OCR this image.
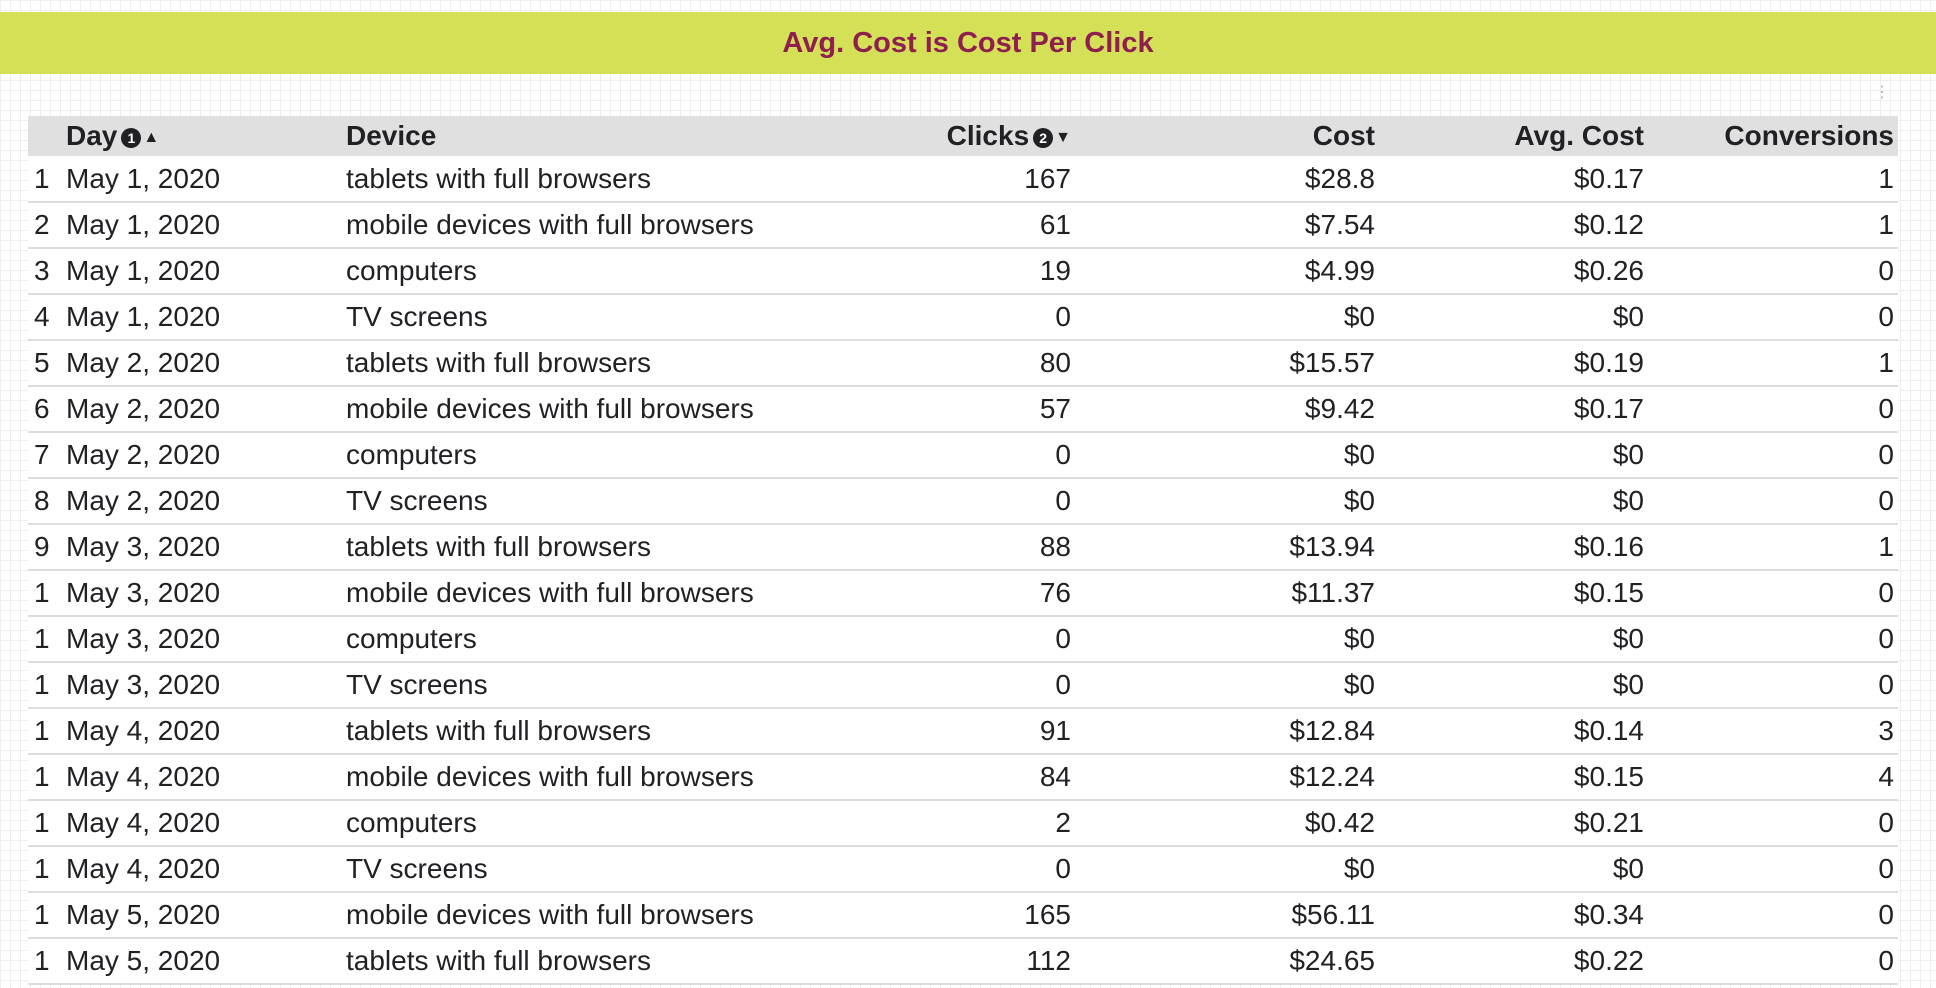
Avg. Cost is Cost Per Click
⋮
	Day 1 ▲	Device	Clicks 2 ▼	Cost	Avg. Cost	Conversions
1	May 1, 2020	tablets with full browsers	167	$28.8	$0.17	1
2	May 1, 2020	mobile devices with full browsers	61	$7.54	$0.12	1
3	May 1, 2020	computers	19	$4.99	$0.26	0
4	May 1, 2020	TV screens	0	$0	$0	0
5	May 2, 2020	tablets with full browsers	80	$15.57	$0.19	1
6	May 2, 2020	mobile devices with full browsers	57	$9.42	$0.17	0
7	May 2, 2020	computers	0	$0	$0	0
8	May 2, 2020	TV screens	0	$0	$0	0
9	May 3, 2020	tablets with full browsers	88	$13.94	$0.16	1
1	May 3, 2020	mobile devices with full browsers	76	$11.37	$0.15	0
1	May 3, 2020	computers	0	$0	$0	0
1	May 3, 2020	TV screens	0	$0	$0	0
1	May 4, 2020	tablets with full browsers	91	$12.84	$0.14	3
1	May 4, 2020	mobile devices with full browsers	84	$12.24	$0.15	4
1	May 4, 2020	computers	2	$0.42	$0.21	0
1	May 4, 2020	TV screens	0	$0	$0	0
1	May 5, 2020	mobile devices with full browsers	165	$56.11	$0.34	0
1	May 5, 2020	tablets with full browsers	112	$24.65	$0.22	0
